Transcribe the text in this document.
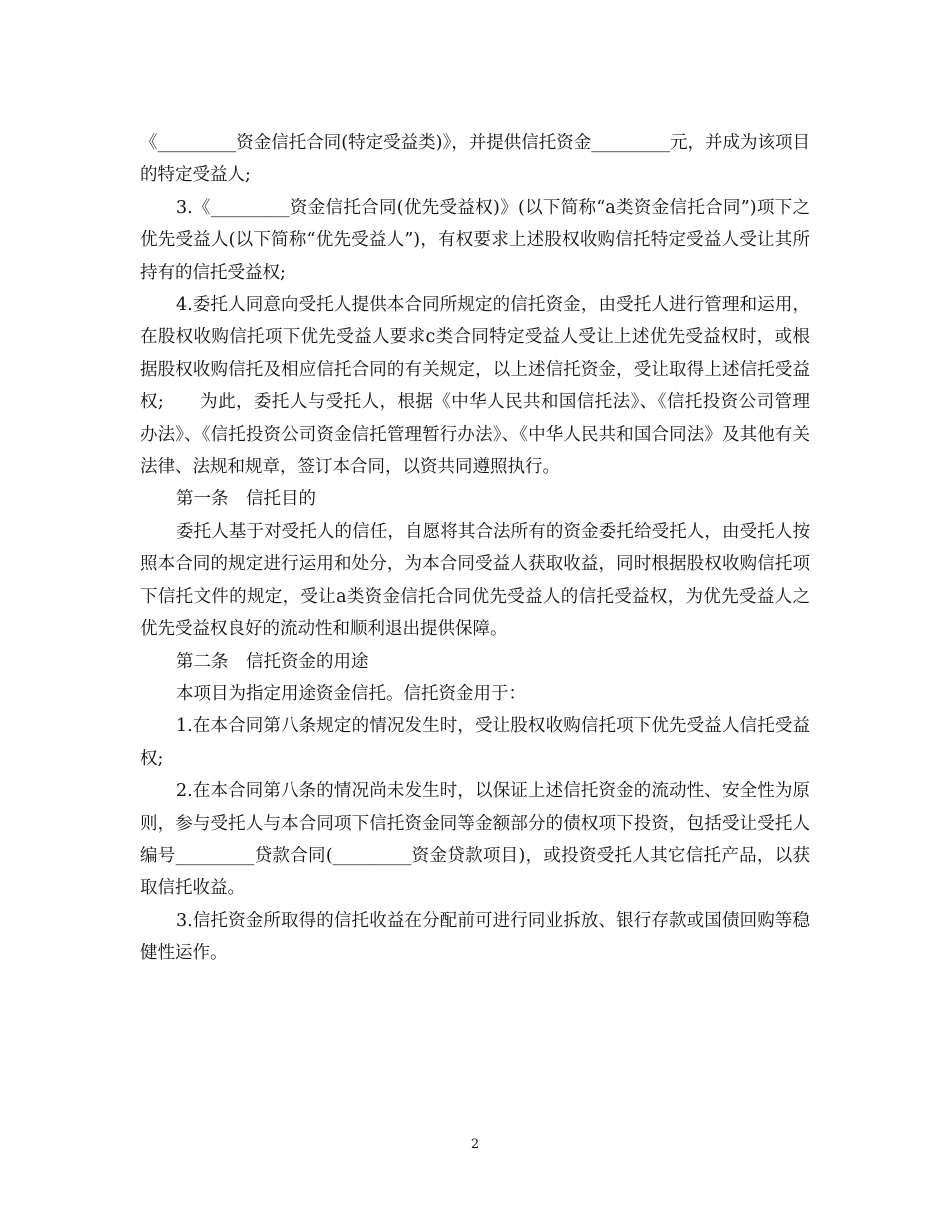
《_________资金信托合同(特定受益类)》，并提供信托资金_________元，并成为该项目的特定受益人;

3.《_________资金信托合同(优先受益权)》(以下简称“a类资金信托合同”)项下之优先受益人(以下简称“优先受益人”)，有权要求上述股权收购信托特定受益人受让其所持有的信托受益权;

4.委托人同意向受托人提供本合同所规定的信托资金，由受托人进行管理和运用，在股权收购信托项下优先受益人要求c类合同特定受益人受让上述优先受益权时，或根据股权收购信托及相应信托合同的有关规定，以上述信托资金，受让取得上述信托受益权;　　为此，委托人与受托人，根据《中华人民共和国信托法》、《信托投资公司管理办法》、《信托投资公司资金信托管理暂行办法》、《中华人民共和国合同法》及其他有关法律、法规和规章，签订本合同，以资共同遵照执行。

第一条　信托目的

委托人基于对受托人的信任，自愿将其合法所有的资金委托给受托人，由受托人按照本合同的规定进行运用和处分，为本合同受益人获取收益，同时根据股权收购信托项下信托文件的规定，受让a类资金信托合同优先受益人的信托受益权，为优先受益人之优先受益权良好的流动性和顺利退出提供保障。

第二条　信托资金的用途

本项目为指定用途资金信托。信托资金用于：

1.在本合同第八条规定的情况发生时，受让股权收购信托项下优先受益人信托受益权;

2.在本合同第八条的情况尚未发生时，以保证上述信托资金的流动性、安全性为原则，参与受托人与本合同项下信托资金同等金额部分的债权项下投资，包括受让受托人编号_________贷款合同(_________资金贷款项目)，或投资受托人其它信托产品，以获取信托收益。

3.信托资金所取得的信托收益在分配前可进行同业拆放、银行存款或国债回购等稳健性运作。

2
